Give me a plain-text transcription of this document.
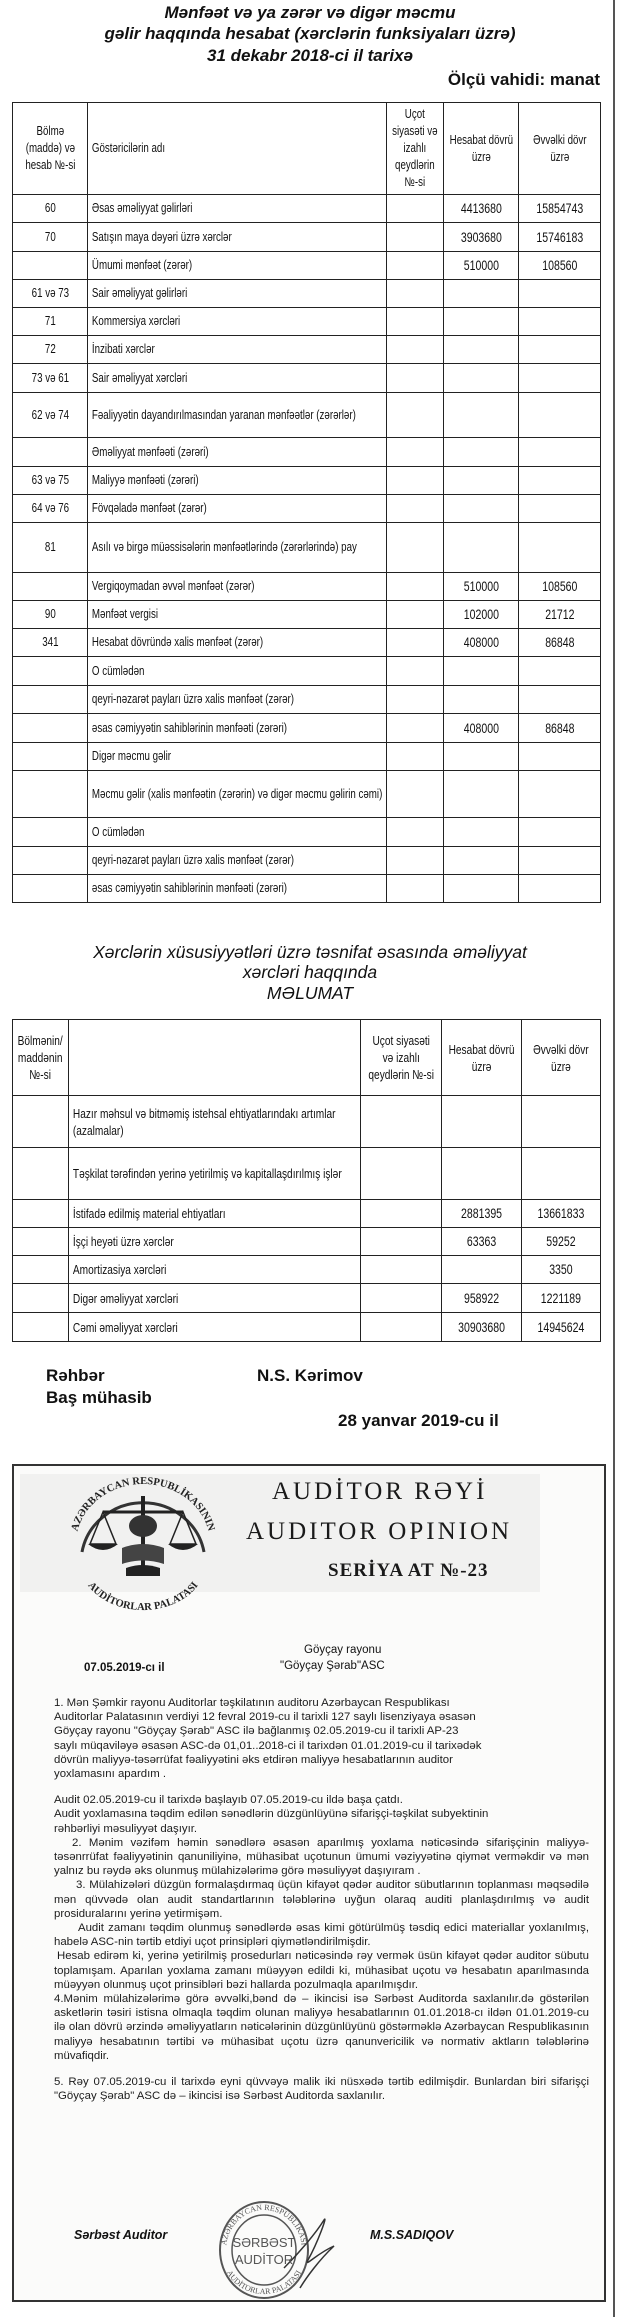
Mənfəət və ya zərər və digər məcmu
gəlir haqqında hesabat (xərclərin funksiyaları üzrə)
31 dekabr 2018-ci il tarixə
Ölçü vahidi: manat
Bölmə
(maddə) və
hesab №-si	Göstəricilərin adı	Uçot
siyasəti və
izahlı
qeydlərin
№-si	Hesabat dövrü
üzrə	Əvvəlki dövr
üzrə

60	Əsas əməliyyat gəlirləri		4413680	15854743

70	Satışın maya dəyəri üzrə xərclər		3903680	15746183

	Ümumi mənfəət (zərər)		510000	108560

61 və 73	Sair əməliyyat gəlirləri			

71	Kommersiya xərcləri			

72	İnzibati xərclər			

73 və 61	Sair əməliyyat xərcləri			

62 və 74	Fəaliyyətin dayandırılmasından yaranan mənfəətlər (zərərlər)			

	Əməliyyat mənfəəti (zərəri)			

63 və 75	Maliyyə mənfəəti (zərəri)			

64 və 76	Fövqəladə mənfəət (zərər)			

81	Asılı və birgə müəssisələrin mənfəətlərində (zərərlərində) pay			

	Vergiqoymadan əvvəl mənfəət (zərər)		510000	108560

90	Mənfəət vergisi		102000	21712

341	Hesabat dövründə xalis mənfəət (zərər)		408000	86848

	O cümlədən			

	qeyri-nəzarət payları üzrə xalis mənfəət (zərər)			

	əsas cəmiyyətin sahiblərinin mənfəəti (zərəri)		408000	86848

	Digər məcmu gəlir			

	Məcmu gəlir (xalis mənfəətin (zərərin) və digər məcmu gəlirin cəmi)			

	O cümlədən			

	qeyri-nəzarət payları üzrə xalis mənfəət (zərər)			

	əsas cəmiyyətin sahiblərinin mənfəəti (zərəri)			

Xərclərin xüsusiyyətləri üzrə təsnifat əsasında əməliyyat
xərcləri haqqında
MƏLUMAT
Bölmənin/
maddənin
№-si		Uçot siyasəti
və izahlı
qeydlərin №-si	Hesabat dövrü
üzrə	Əvvəlki dövr
üzrə

	Hazır məhsul və bitməmiş istehsal ehtiyatlarındakı artımlar (azalmalar)			

	Təşkilat tərəfindən yerinə yetirilmiş və kapitallaşdırılmış işlər			

	İstifadə edilmiş material ehtiyatları		2881395	13661833

	İşçi heyəti üzrə xərclər		63363	59252

	Amortizasiya xərcləri			3350

	Digər əməliyyat xərcləri		958922	1221189

	Cəmi əməliyyat xərcləri		30903680	14945624
Rəhbər	N.S. Kərimov
Baş mühasib
28 yanvar 2019-cu il
AZƏRBAYCAN RESPUBLİKASININ
AUDİTORLAR PALATASI
AUDİTOR RƏYİ
AUDITOR OPINION
SERİYA AT №-23
07.05.2019-cı il
Göyçay rayonu
"Göyçay Şərab"ASC

1. Mən Şəmkir rayonu Auditorlar təşkilatının auditoru Azərbaycan Respublikası
Auditorlar Palatasının verdiyi 12 fevral 2019-cu il tarixli 127 saylı lisenziyaya əsasən
Göyçay rayonu "Göyçay Şərab" ASC ilə bağlanmış 02.05.2019-cu il tarixli AP-23
saylı müqaviləyə əsasən ASC-də 01,01..2018-ci il tarixdən 01.01.2019-cu il tarixədək
dövrün maliyyə-təsərrüfat fəaliyyətini əks etdirən maliyyə hesabatlarının auditor
yoxlamasını apardım .

Audit 02.05.2019-cu il tarixdə başlayıb 07.05.2019-cu ildə başa çatdı.
Audit yoxlamasına təqdim edilən sənədlərin düzgünlüyünə sifarişçi-təşkilat subyektinin
rəhbərliyi məsuliyyət daşıyır.

2. Mənim vəzifəm həmin sənədlərə əsasən aparılmış yoxlama nəticəsində sifarişçinin maliyyə-təsənrrüfat fəaliyyətinin qanuniliyinə, mühasibat uçotunun ümumi vəziyyətinə qiymət verməkdir və mən yalnız bu rəydə əks olunmuş mülahizələrimə görə məsuliyyət daşıyıram .

3. Mülahizələri düzgün formalaşdırmaq üçün kifayət qədər auditor sübutlarının toplanması məqsədilə mən qüvvədə olan audit standartlarının tələblərinə uyğun olaraq auditi planlaşdırılmış və audit prosiduralarını yerinə yetirmişəm.

Audit zamanı təqdim olunmuş sənədlərdə əsas kimi götürülmüş təsdiq edici materiallar yoxlanılmış, habelə ASC-nin tərtib etdiyi uçot prinsipləri qiymətləndirilmişdir.

Hesab edirəm ki, yerinə yetirilmiş prosedurları nəticəsində rəy vermək üsün kifayət qədər auditor sübutu toplamışam. Aparılan yoxlama zamanı müəyyən edildi ki, mühasibat uçotu və hesabatın aparılmasında müəyyən olunmuş uçot prinsibləri bəzi hallarda pozulmaqla aparılmışdır.

4.Mənim mülahizələrimə görə əvvəlki,bənd də – ikincisi isə Sərbəst Auditorda saxlanılır.də göstərilən asketlərin təsiri istisna olmaqla təqdim olunan maliyyə hesabatlarının 01.01.2018-cı ildən 01.01.2019-cu ilə olan dövrü ərzində əməliyyatların nəticələrinin düzgünlüyünü göstərməklə Azərbaycan Respublikasının maliyyə hesabatının tərtibi və mühasibat uçotu üzrə qanunvericilik və normativ aktların tələblərinə müvafiqdir.

5. Rəy 07.05.2019-cu il tarixdə eyni qüvvəyə malik iki nüsxədə tərtib edilmişdir. Bunlardan biri sifarişçi "Göyçay Şərab" ASC də – ikincisi isə Sərbəst Auditorda saxlanılır.

AZƏRBAYCAN RESPUBLİKASI
AUDİTORLAR PALATASI
SƏRBƏST
AUDİTOR
Sərbəst Auditor	M.S.SADIQOV
